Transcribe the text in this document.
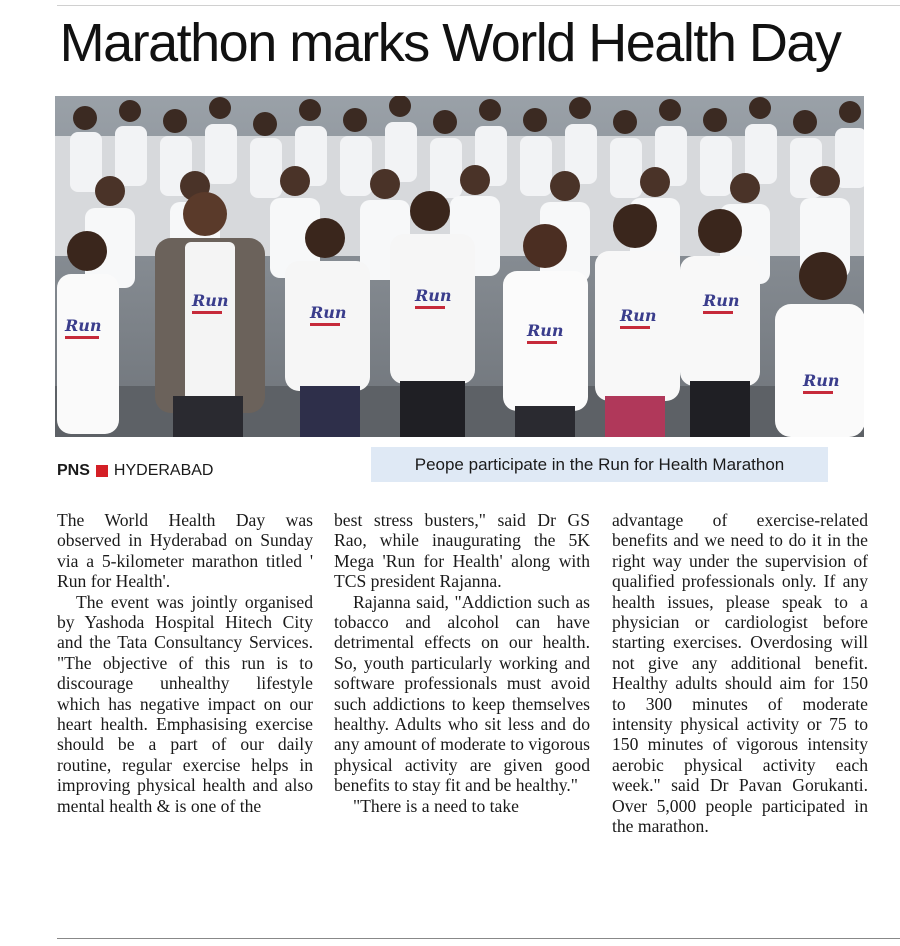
Marathon marks World Health Day
Run
Run
Run
Run
Run
Run
Run
Run
PNS HYDERABAD	Peope participate in the Run for Health Marathon

The World Health Day was observed in Hyderabad on Sunday via a 5-kilometer marathon titled ' Run for Health'.

The event was jointly organised by Yashoda Hospital Hitech City and the Tata Consultancy Services. "The objective of this run is to discourage unhealthy lifestyle which has negative impact on our heart health. Emphasising exercise should be a part of our daily routine, regular exercise helps in improving physical health and also mental health & is one of the

best stress busters," said Dr GS Rao, while inaugurating the 5K Mega 'Run for Health' along with TCS president Rajanna.

Rajanna said, "Addiction such as tobacco and alcohol can have detrimental effects on our health. So, youth particularly working and software professionals must avoid such addictions to keep themselves healthy. Adults who sit less and do any amount of moderate to vigorous physical activity are given good benefits to stay fit and be healthy."

"There is a need to take

advantage of exercise-related benefits and we need to do it in the right way under the supervision of qualified professionals only. If any health issues, please speak to a physician or cardiologist before starting exercises. Overdosing will not give any additional benefit. Healthy adults should aim for 150 to 300 minutes of moderate intensity physical activity or 75 to 150 minutes of vigorous intensity aerobic physical activity each week." said Dr Pavan Gorukanti. Over 5,000 people participated in the marathon.
